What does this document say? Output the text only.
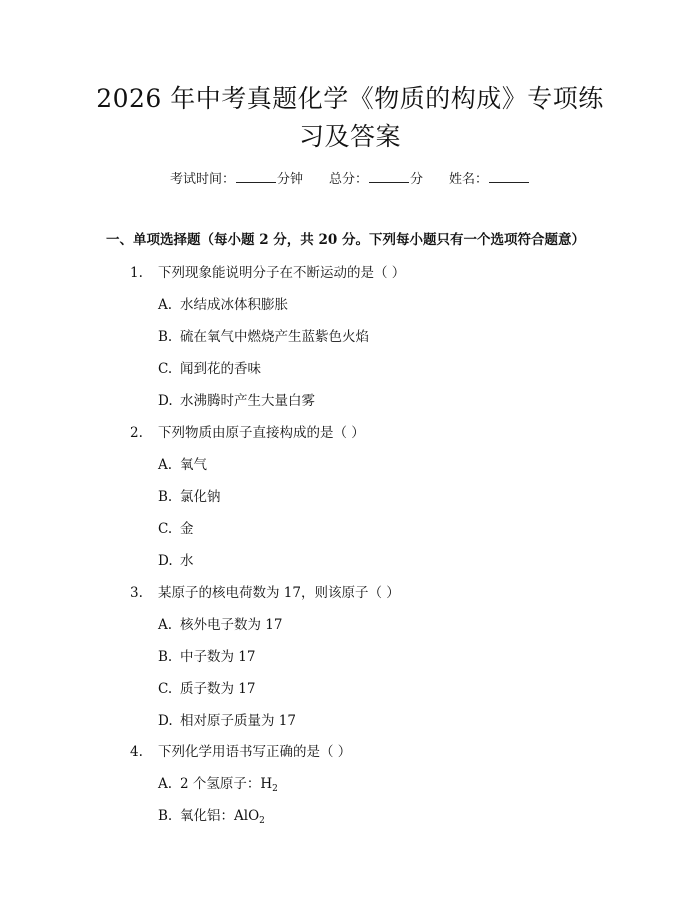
2026 年中考真题化学《物质的构成》专项练
习及答案
考试时间：	分钟 总分：	分 姓名：
一、单项选择题（每小题 2 分，共 20 分。下列每小题只有一个选项符合题意）
1. 下列现象能说明分子在不断运动的是（ ）
A. 水结成冰体积膨胀
B. 硫在氧气中燃烧产生蓝紫色火焰
C. 闻到花的香味
D. 水沸腾时产生大量白雾
2. 下列物质由原子直接构成的是（ ）
A. 氧气
B. 氯化钠
C. 金
D. 水
3. 某原子的核电荷数为 17，则该原子（ ）
A. 核外电子数为 17
B. 中子数为 17
C. 质子数为 17
D. 相对原子质量为 17
4. 下列化学用语书写正确的是（ ）
A. 2 个氢原子：$H_2$
B. 氧化铝：AlO$_2$
